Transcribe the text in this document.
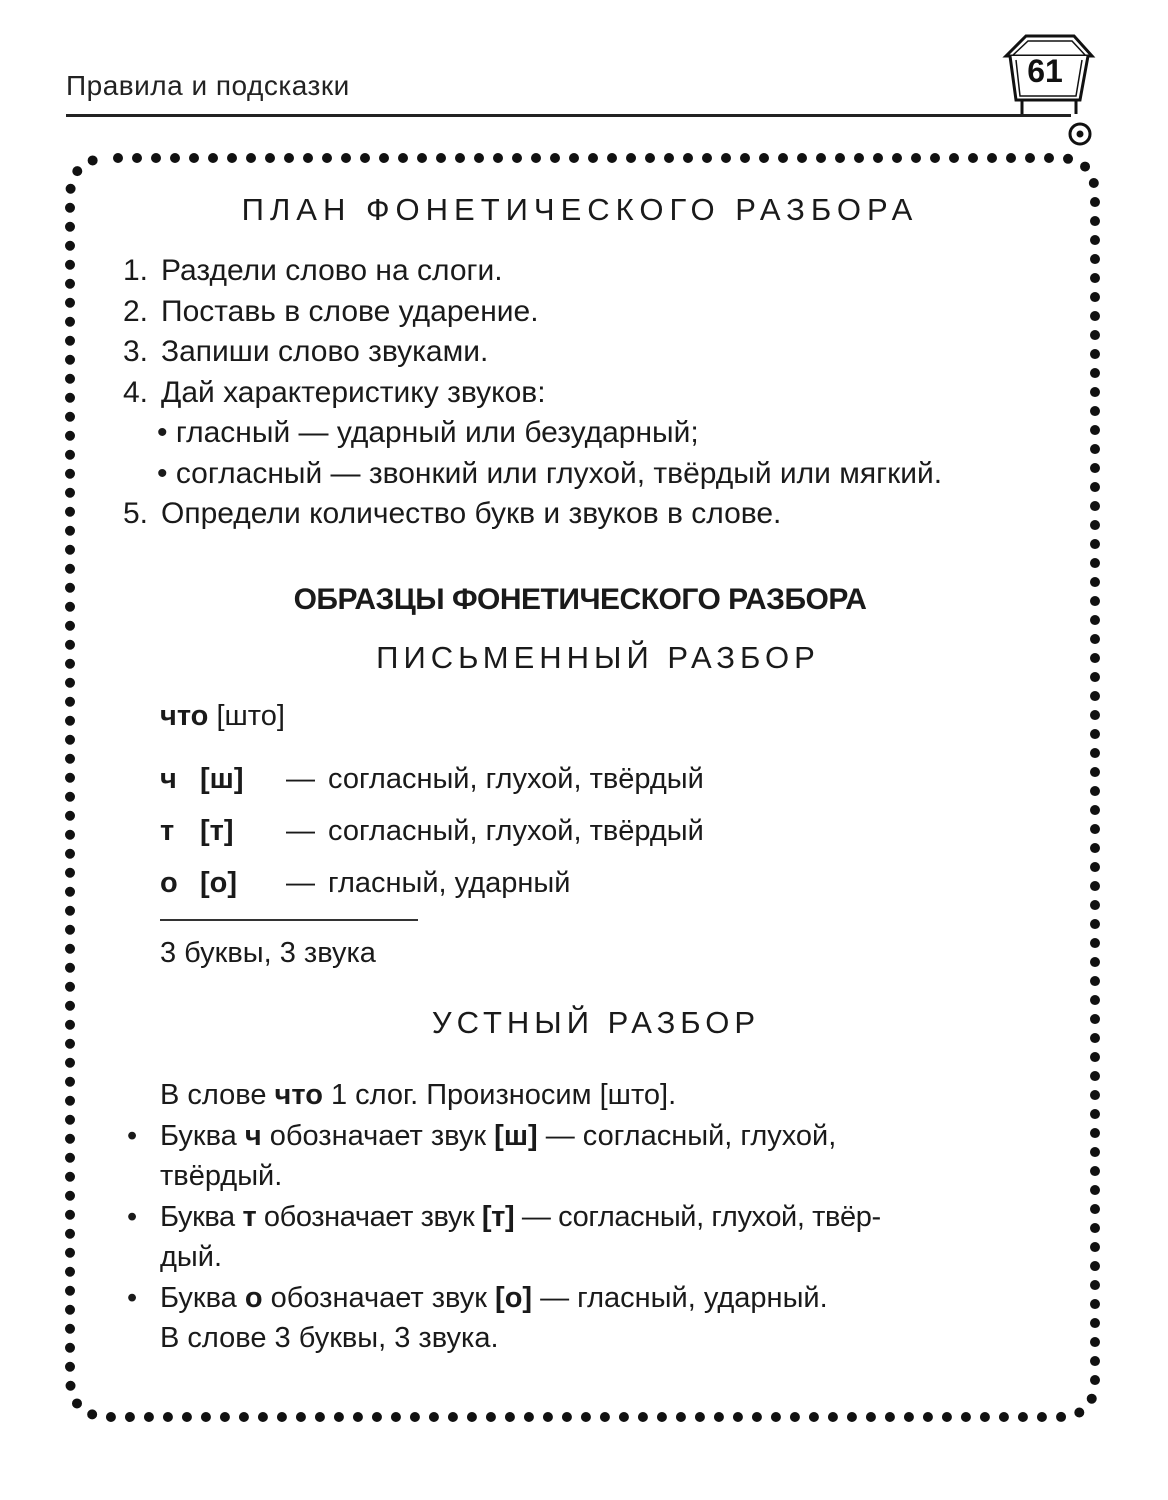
Правила и подсказки	61
ПЛАН ФОНЕТИЧЕСКОГО РАЗБОРА
1. Раздели слово на слоги.
2. Поставь в слове ударение.
3. Запиши слово звуками.
4. Дай характеристику звуков:
• гласный — ударный или безударный;
• согласный — звонкий или глухой, твёрдый или мягкий.
5. Определи количество букв и звуков в слове.
ОБРАЗЦЫ ФОНЕТИЧЕСКОГО РАЗБОРА
ПИСЬМЕННЫЙ РАЗБОР
что [што]
ч [ш] — согласный, глухой, твёрдый
т [т] — согласный, глухой, твёрдый
о [о] — гласный, ударный
3 буквы, 3 звука
УСТНЫЙ РАЗБОР
В слове что 1 слог. Произносим [што].
• Буква ч обозначает звук [ш] — согласный, глухой,
твёрдый.
• Буква т обозначает звук [т] — согласный, глухой, твёр-
дый.
• Буква о обозначает звук [о] — гласный, ударный.
В слове 3 буквы, 3 звука.
